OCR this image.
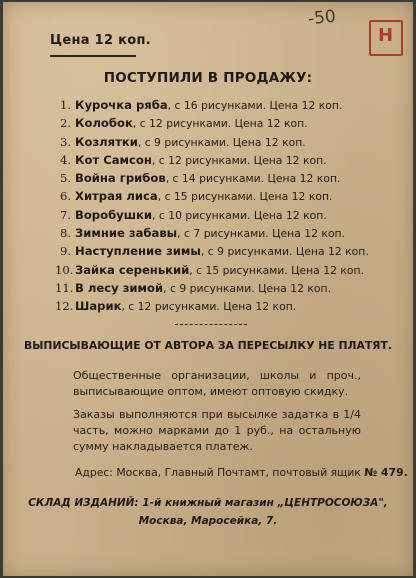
Цена 12 коп.
-50
Н
ПОСТУПИЛИ В ПРОДАЖУ:
1. Курочка ряба, с 16 рисунками. Цена 12 коп.
2. Колобок, с 12 рисунками. Цена 12 коп.
3. Козлятки, с 9 рисунками. Цена 12 коп.
4. Кот Самсон, с 12 рисунками. Цена 12 коп.
5. Война грибов, с 14 рисунками. Цена 12 коп.
6. Хитрая лиса, с 15 рисунками. Цена 12 коп.
7. Воробушки, с 10 рисунками. Цена 12 коп.
8. Зимние забавы, с 7 рисунками. Цена 12 коп.
9. Наступление зимы, с 9 рисунками. Цена 12 коп.
10. Зайка серенький, с 15 рисунками. Цена 12 коп.
11. В лесу зимой, с 9 рисунками. Цена 12 коп.
12. Шарик, с 12 рисунками. Цена 12 коп.
ВЫПИСЫВАЮЩИЕ ОТ АВТОРА ЗА ПЕРЕСЫЛКУ НЕ ПЛАТЯТ.
Общественные организации, школы и проч., выписывающие оптом, имеют оптовую скидку.
Заказы выполняются при высылке задатка в 1/4 часть, можно марками до 1 руб., на остальную сумму накладывается платеж.
Адрес: Москва, Главный Почтамт, почтовый ящик № 479.
СКЛАД ИЗДАНИЙ: 1-й книжный магазин „ЦЕНТРОСОЮЗА",
Москва, Маросейка, 7.
